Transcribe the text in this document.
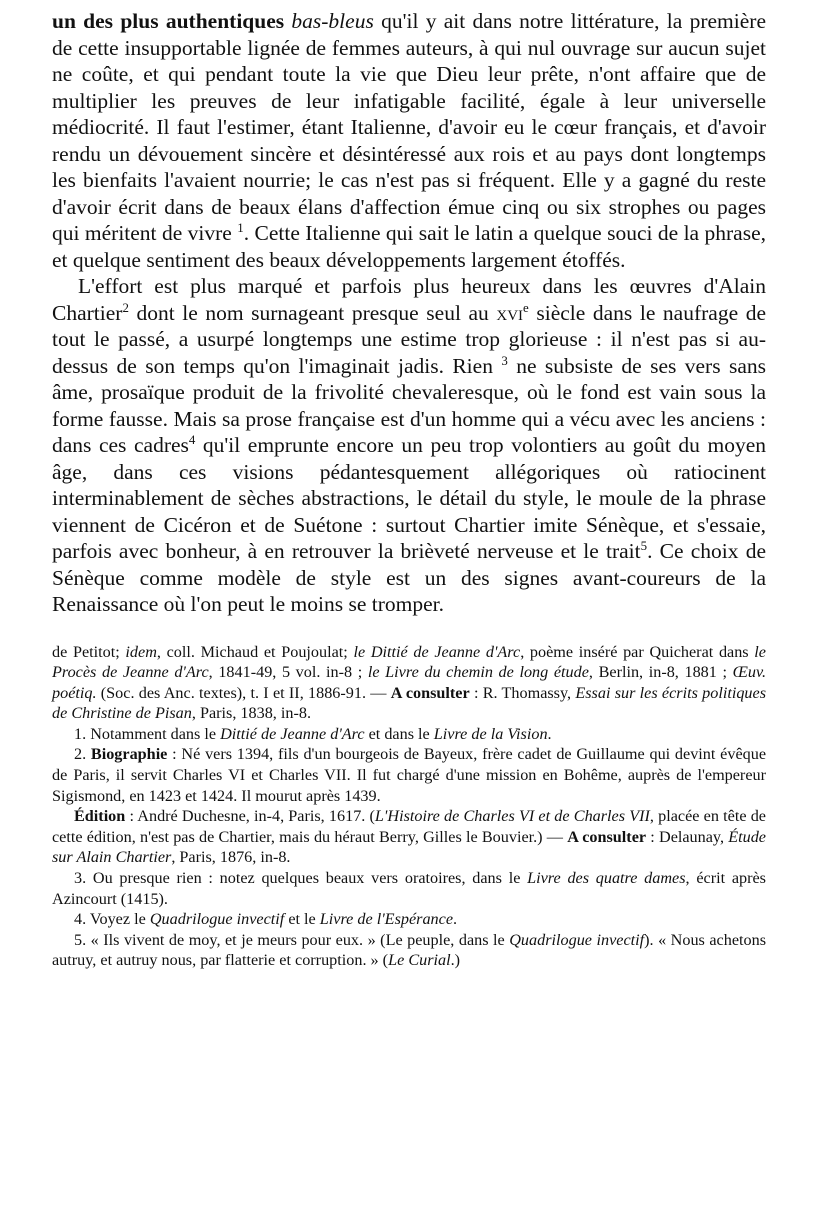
un des plus authentiques bas-bleus qu'il y ait dans notre littérature, la première de cette insupportable lignée de femmes auteurs, à qui nul ouvrage sur aucun sujet ne coûte, et qui pendant toute la vie que Dieu leur prête, n'ont affaire que de multiplier les preuves de leur infatigable facilité, égale à leur universelle médiocrité. Il faut l'estimer, étant Italienne, d'avoir eu le cœur français, et d'avoir rendu un dévouement sincère et désintéressé aux rois et au pays dont longtemps les bienfaits l'avaient nourrie; le cas n'est pas si fréquent. Elle y a gagné du reste d'avoir écrit dans de beaux élans d'affection émue cinq ou six strophes ou pages qui méritent de vivre $^1$. Cette Italienne qui sait le latin a quelque souci de la phrase, et quelque sentiment des beaux développements largement étoffés.

L'effort est plus marqué et parfois plus heureux dans les œuvres d'Alain Chartier$^2$ dont le nom surnageant presque seul au xvi$^e$ siècle dans le naufrage de tout le passé, a usurpé longtemps une estime trop glorieuse : il n'est pas si au-dessus de son temps qu'on l'imaginait jadis. Rien $^3$ ne subsiste de ses vers sans âme, prosaïque produit de la frivolité chevaleresque, où le fond est vain sous la forme fausse. Mais sa prose française est d'un homme qui a vécu avec les anciens : dans ces cadres$^4$ qu'il emprunte encore un peu trop volontiers au goût du moyen âge, dans ces visions pédantesquement allégoriques où ratiocinent interminablement de sèches abstractions, le détail du style, le moule de la phrase viennent de Cicéron et de Suétone : surtout Chartier imite Sénèque, et s'essaie, parfois avec bonheur, à en retrouver la brièveté nerveuse et le trait$^5$. Ce choix de Sénèque comme modèle de style est un des signes avant-coureurs de la Renaissance où l'on peut le moins se tromper.

de Petitot; idem, coll. Michaud et Poujoulat; le Dittié de Jeanne d'Arc, poème inséré par Quicherat dans le Procès de Jeanne d'Arc, 1841-49, 5 vol. in-8 ; le Livre du chemin de long étude, Berlin, in-8, 1881 ; Œuv. poétiq. (Soc. des Anc. textes), t. I et II, 1886-91. — A consulter : R. Thomassy, Essai sur les écrits politiques de Christine de Pisan, Paris, 1838, in-8.

1. Notamment dans le Dittié de Jeanne d'Arc et dans le Livre de la Vision.

2. Biographie : Né vers 1394, fils d'un bourgeois de Bayeux, frère cadet de Guillaume qui devint évêque de Paris, il servit Charles VI et Charles VII. Il fut chargé d'une mission en Bohême, auprès de l'empereur Sigismond, en 1423 et 1424. Il mourut après 1439.

Édition : André Duchesne, in-4, Paris, 1617. (L'Histoire de Charles VI et de Charles VII, placée en tête de cette édition, n'est pas de Chartier, mais du héraut Berry, Gilles le Bouvier.) — A consulter : Delaunay, Étude sur Alain Chartier, Paris, 1876, in-8.

3. Ou presque rien : notez quelques beaux vers oratoires, dans le Livre des quatre dames, écrit après Azincourt (1415).

4. Voyez le Quadrilogue invectif et le Livre de l'Espérance.

5. « Ils vivent de moy, et je meurs pour eux. » (Le peuple, dans le Quadrilogue invectif). « Nous achetons autruy, et autruy nous, par flatterie et corruption. » (Le Curial.)
